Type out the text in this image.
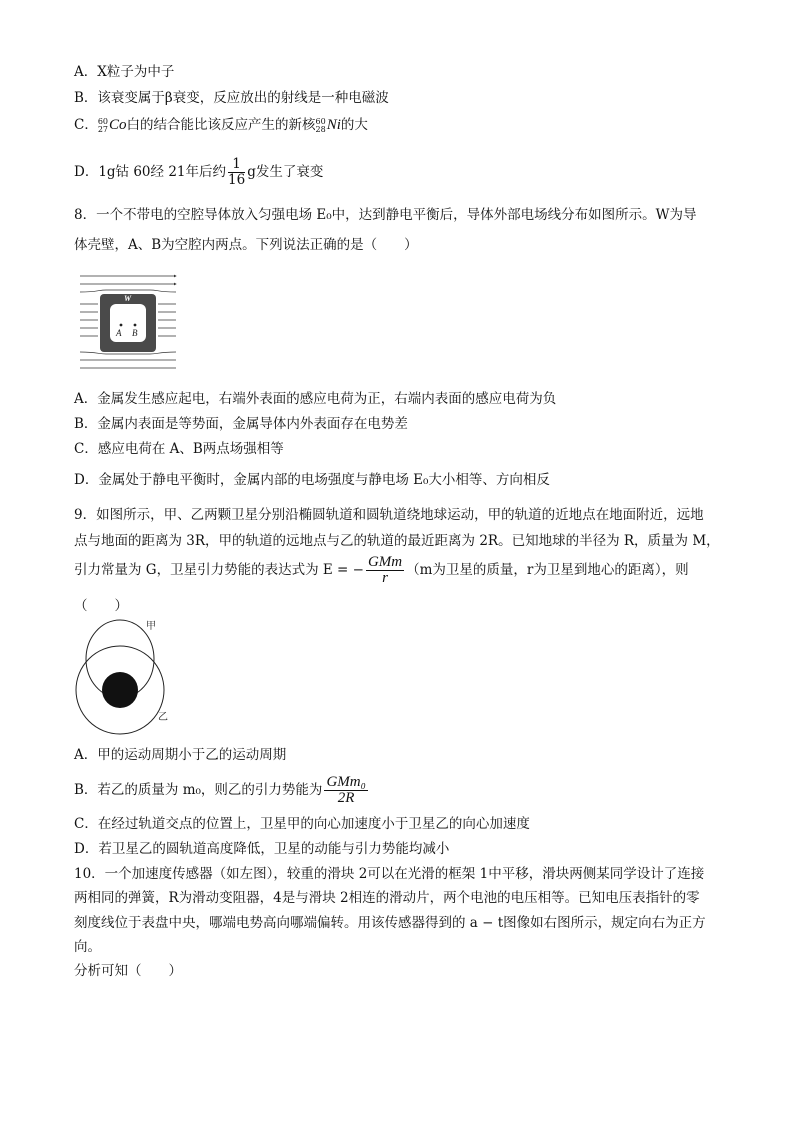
A．X粒子为中子
B．该衰变属于β衰变，反应放出的射线是一种电磁波
C． 60
27 Co白的结合能比该反应产生的新核 60
28 Ni的大
D．1g钴 60经 21年后约 $\frac{1}{16}$ g发生了衰变
8．一个不带电的空腔导体放入匀强电场 E₀中，达到静电平衡后，导体外部电场线分布如图所示。W为导
体壳壁，A、B为空腔内两点。下列说法正确的是（　　）
W
A B
A．金属发生感应起电，右端外表面的感应电荷为正，右端内表面的感应电荷为负
B．金属内表面是等势面，金属导体内外表面存在电势差
C．感应电荷在 A、B两点场强相等
D．金属处于静电平衡时，金属内部的电场强度与静电场 E₀大小相等、方向相反
9．如图所示，甲、乙两颗卫星分别沿椭圆轨道和圆轨道绕地球运动，甲的轨道的近地点在地面附近，远地
点与地面的距离为 3R，甲的轨道的远地点与乙的轨道的最近距离为 2R。已知地球的半径为 R，质量为 M，
引力常量为 G，卫星引力势能的表达式为 E = − $\frac{\text{GMm}}{r} (m$为卫星的质量，r为卫星到地心的距离），则
（　　）
甲
乙
A．甲的运动周期小于乙的运动周期
B．若乙的质量为 m₀，则乙的引力势能为 $\frac{\text{GMm₀}}{2R}$
C．在经过轨道交点的位置上，卫星甲的向心加速度小于卫星乙的向心加速度
D．若卫星乙的圆轨道高度降低，卫星的动能与引力势能均减小
10．一个加速度传感器（如左图），较重的滑块 2可以在光滑的框架 1中平移，滑块两侧某同学设计了连接
两相同的弹簧，R为滑动变阻器，4是与滑块 2相连的滑动片，两个电池的电压相等。已知电压表指针的零
刻度线位于表盘中央，哪端电势高向哪端偏转。用该传感器得到的 a − t图像如右图所示，规定向右为正方
向。
分析可知（　　）
